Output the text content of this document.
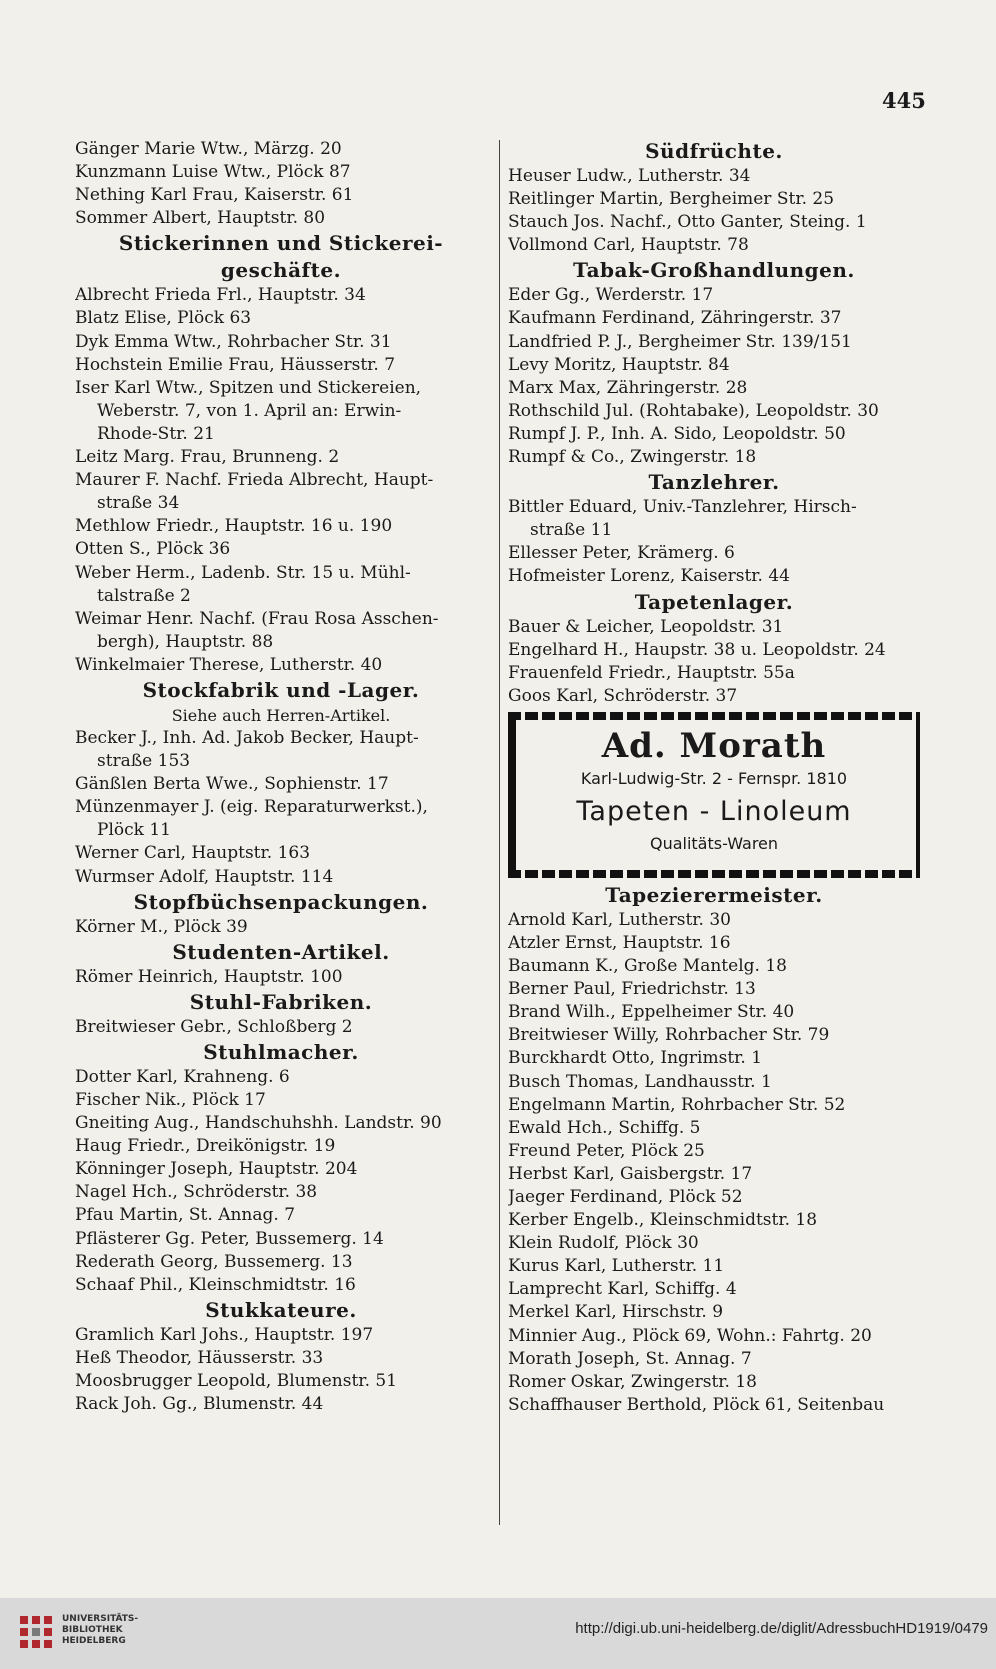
445
Gänger Marie Wtw., Märzg. 20
Kunzmann Luise Wtw., Plöck 87
Nething Karl Frau, Kaiserstr. 61
Sommer Albert, Hauptstr. 80
Stickerinnen und Stickerei-
geschäfte.
Albrecht Frieda Frl., Hauptstr. 34
Blatz Elise, Plöck 63
Dyk Emma Wtw., Rohrbacher Str. 31
Hochstein Emilie Frau, Häusserstr. 7
Iser Karl Wtw., Spitzen und Stickereien,
Weberstr. 7, von 1. April an: Erwin-
Rhode-Str. 21
Leitz Marg. Frau, Brunneng. 2
Maurer F. Nachf. Frieda Albrecht, Haupt-
straße 34
Methlow Friedr., Hauptstr. 16 u. 190
Otten S., Plöck 36
Weber Herm., Ladenb. Str. 15 u. Mühl-
talstraße 2
Weimar Henr. Nachf. (Frau Rosa Asschen-
bergh), Hauptstr. 88
Winkelmaier Therese, Lutherstr. 40
Stockfabrik und -Lager.
Siehe auch Herren-Artikel.
Becker J., Inh. Ad. Jakob Becker, Haupt-
straße 153
Gänßlen Berta Wwe., Sophienstr. 17
Münzenmayer J. (eig. Reparaturwerkst.),
Plöck 11
Werner Carl, Hauptstr. 163
Wurmser Adolf, Hauptstr. 114
Stopfbüchsenpackungen.
Körner M., Plöck 39
Studenten-Artikel.
Römer Heinrich, Hauptstr. 100
Stuhl-Fabriken.
Breitwieser Gebr., Schloßberg 2
Stuhlmacher.
Dotter Karl, Krahneng. 6
Fischer Nik., Plöck 17
Gneiting Aug., Handschuhshh. Landstr. 90
Haug Friedr., Dreikönigstr. 19
Könninger Joseph, Hauptstr. 204
Nagel Hch., Schröderstr. 38
Pfau Martin, St. Annag. 7
Pflästerer Gg. Peter, Bussemerg. 14
Rederath Georg, Bussemerg. 13
Schaaf Phil., Kleinschmidtstr. 16
Stukkateure.
Gramlich Karl Johs., Hauptstr. 197
Heß Theodor, Häusserstr. 33
Moosbrugger Leopold, Blumenstr. 51
Rack Joh. Gg., Blumenstr. 44
Südfrüchte.
Heuser Ludw., Lutherstr. 34
Reitlinger Martin, Bergheimer Str. 25
Stauch Jos. Nachf., Otto Ganter, Steing. 1
Vollmond Carl, Hauptstr. 78
Tabak-Großhandlungen.
Eder Gg., Werderstr. 17
Kaufmann Ferdinand, Zähringerstr. 37
Landfried P. J., Bergheimer Str. 139/151
Levy Moritz, Hauptstr. 84
Marx Max, Zähringerstr. 28
Rothschild Jul. (Rohtabake), Leopoldstr. 30
Rumpf J. P., Inh. A. Sido, Leopoldstr. 50
Rumpf & Co., Zwingerstr. 18
Tanzlehrer.
Bittler Eduard, Univ.-Tanzlehrer, Hirsch-
straße 11
Ellesser Peter, Krämerg. 6
Hofmeister Lorenz, Kaiserstr. 44
Tapetenlager.
Bauer & Leicher, Leopoldstr. 31
Engelhard H., Haupstr. 38 u. Leopoldstr. 24
Frauenfeld Friedr., Hauptstr. 55a
Goos Karl, Schröderstr. 37
Ad. Morath
Karl-Ludwig-Str. 2 - Fernspr. 1810
Tapeten - Linoleum
Qualitäts-Waren
Tapezierermeister.
Arnold Karl, Lutherstr. 30
Atzler Ernst, Hauptstr. 16
Baumann K., Große Mantelg. 18
Berner Paul, Friedrichstr. 13
Brand Wilh., Eppelheimer Str. 40
Breitwieser Willy, Rohrbacher Str. 79
Burckhardt Otto, Ingrimstr. 1
Busch Thomas, Landhausstr. 1
Engelmann Martin, Rohrbacher Str. 52
Ewald Hch., Schiffg. 5
Freund Peter, Plöck 25
Herbst Karl, Gaisbergstr. 17
Jaeger Ferdinand, Plöck 52
Kerber Engelb., Kleinschmidtstr. 18
Klein Rudolf, Plöck 30
Kurus Karl, Lutherstr. 11
Lamprecht Karl, Schiffg. 4
Merkel Karl, Hirschstr. 9
Minnier Aug., Plöck 69, Wohn.: Fahrtg. 20
Morath Joseph, St. Annag. 7
Romer Oskar, Zwingerstr. 18
Schaffhauser Berthold, Plöck 61, Seitenbau
UNIVERSITÄTS-
BIBLIOTHEK
HEIDELBERG
http://digi.ub.uni-heidelberg.de/diglit/AdressbuchHD1919/0479
